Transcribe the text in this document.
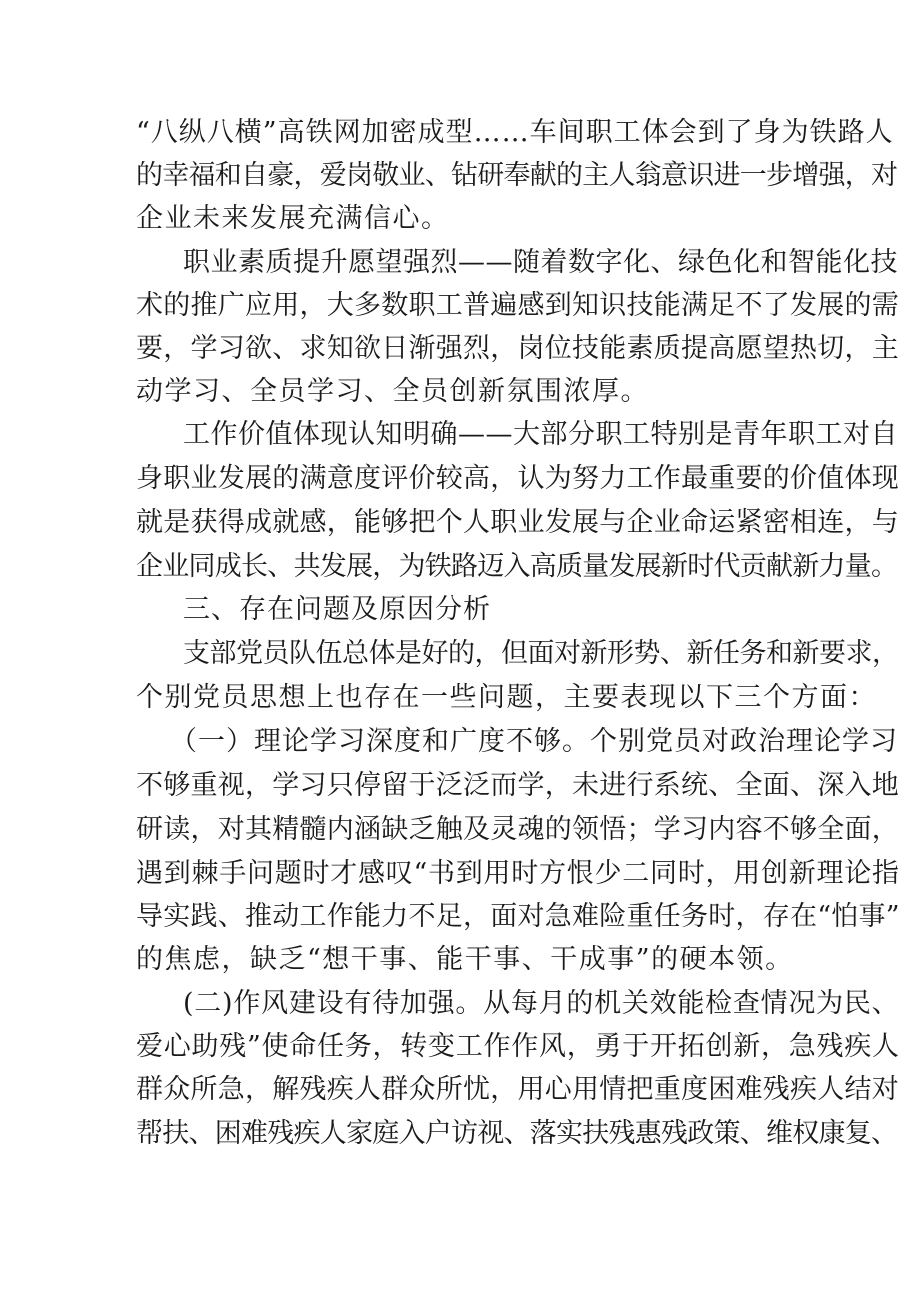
“八纵八横”高铁网加密成型……车间职工体会到了身为铁路人
的幸福和自豪，爱岗敬业、钻研奉献的主人翁意识进一步增强，对
企业未来发展充满信心。
职业素质提升愿望强烈——随着数字化、绿色化和智能化技
术的推广应用，大多数职工普遍感到知识技能满足不了发展的需
要，学习欲、求知欲日渐强烈，岗位技能素质提高愿望热切，主
动学习、全员学习、全员创新氛围浓厚。
工作价值体现认知明确——大部分职工特别是青年职工对自
身职业发展的满意度评价较高，认为努力工作最重要的价值体现
就是获得成就感，能够把个人职业发展与企业命运紧密相连，与
企业同成长、共发展，为铁路迈入高质量发展新时代贡献新力量。
三、存在问题及原因分析
支部党员队伍总体是好的，但面对新形势、新任务和新要求，
个别党员思想上也存在一些问题，主要表现以下三个方面：
（一）理论学习深度和广度不够。个别党员对政治理论学习
不够重视，学习只停留于泛泛而学，未进行系统、全面、深入地
研读，对其精髓内涵缺乏触及灵魂的领悟；学习内容不够全面，
遇到棘手问题时才感叹“书到用时方恨少二同时，用创新理论指
导实践、推动工作能力不足，面对急难险重任务时，存在“怕事”
的焦虑，缺乏“想干事、能干事、干成事”的硬本领。
(二)作风建设有待加强。从每月的机关效能检查情况为民、
爱心助残”使命任务，转变工作作风，勇于开拓创新，急残疾人
群众所急，解残疾人群众所忧，用心用情把重度困难残疾人结对
帮扶、困难残疾人家庭入户访视、落实扶残惠残政策、维权康复、
